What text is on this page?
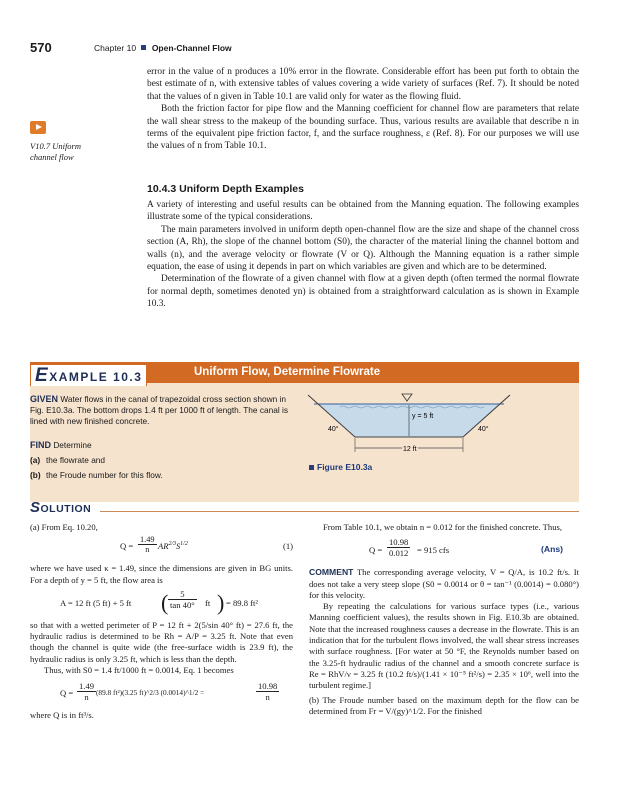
570	Chapter 10 Open-Channel Flow

error in the value of n produces a 10% error in the flowrate. Considerable effort has been put forth to obtain the best estimate of n, with extensive tables of values covering a wide variety of surfaces (Ref. 7). It should be noted that the values of n given in Table 10.1 are valid only for water as the flowing fluid.

Both the friction factor for pipe flow and the Manning coefficient for channel flow are parameters that relate the wall shear stress to the makeup of the bounding surface. Thus, various results are available that describe n in terms of the equivalent pipe friction factor, f, and the surface roughness, ε (Ref. 8). For our purposes we will use the values of n from Table 10.1.

V10.7 Uniform
channel flow
10.4.3 Uniform Depth Examples

A variety of interesting and useful results can be obtained from the Manning equation. The following examples illustrate some of the typical considerations.

The main parameters involved in uniform depth open-channel flow are the size and shape of the channel cross section (A, Rh), the slope of the channel bottom (S0), the character of the material lining the channel bottom and walls (n), and the average velocity or flowrate (V or Q). Although the Manning equation is a rather simple equation, the ease of using it depends in part on which variables are given and which are to be determined.

Determination of the flowrate of a given channel with flow at a given depth (often termed the normal flowrate for normal depth, sometimes denoted yn) is obtained from a straightforward calculation as is shown in Example 10.3.

EXAMPLE 10.3	Uniform Flow, Determine Flowrate
GIVEN Water flows in the canal of trapezoidal cross section shown in Fig. E10.3a. The bottom drops 1.4 ft per 1000 ft of length. The canal is lined with new finished concrete.
FIND Determine
(a) the flowrate and
(b) the Froude number for this flow.
y = 5 ft
40°	40°
12 ft
Figure E10.3a
SOLUTION
(a) From Eq. 10.20,
$Q = \frac{1.49}{n} AR^{2/3}S^{1/2}$	(1)

where we have used κ = 1.49, since the dimensions are given in BG units. For a depth of y = 5 ft, the flow area is

A = 12 ft (5 ft) + 5 ft ( $\frac{5}{\tan 40^\circ}$ ft ) = 89.8 ft²

so that with a wetted perimeter of P = 12 ft + 2(5/sin 40° ft) = 27.6 ft, the hydraulic radius is determined to be Rh = A/P = 3.25 ft. Note that even though the channel is quite wide (the free-surface width is 23.9 ft), the hydraulic radius is only 3.25 ft, which is less than the depth.

Thus, with S0 = 1.4 ft/1000 ft = 0.0014, Eq. 1 becomes

$Q = \frac{1.49}{n} (89.8$ ft²)(3.25 ft)^2/3 (0.0014)^1/2 =	$\frac{10.98}{n}$

where Q is in ft³/s.

From Table 10.1, we obtain n = 0.012 for the finished concrete. Thus,

$Q = \frac{10.98}{0.012} = 915$ cfs	(Ans)

COMMENT The corresponding average velocity, V = Q/A, is 10.2 ft/s. It does not take a very steep slope (S0 = 0.0014 or θ = tan⁻¹ (0.0014) = 0.080°) for this velocity.

By repeating the calculations for various surface types (i.e., various Manning coefficient values), the results shown in Fig. E10.3b are obtained. Note that the increased roughness causes a decrease in the flowrate. This is an indication that for the turbulent flows involved, the wall shear stress increases with surface roughness. [For water at 50 °F, the Reynolds number based on the 3.25-ft hydraulic radius of the channel and a smooth concrete surface is Re = RhV/ν = 3.25 ft (10.2 ft/s)/(1.41 × 10⁻⁵ ft²/s) = 2.35 × 10⁶, well into the turbulent regime.]

(b) The Froude number based on the maximum depth for the flow can be determined from Fr = V/(gy)^1/2. For the finished
